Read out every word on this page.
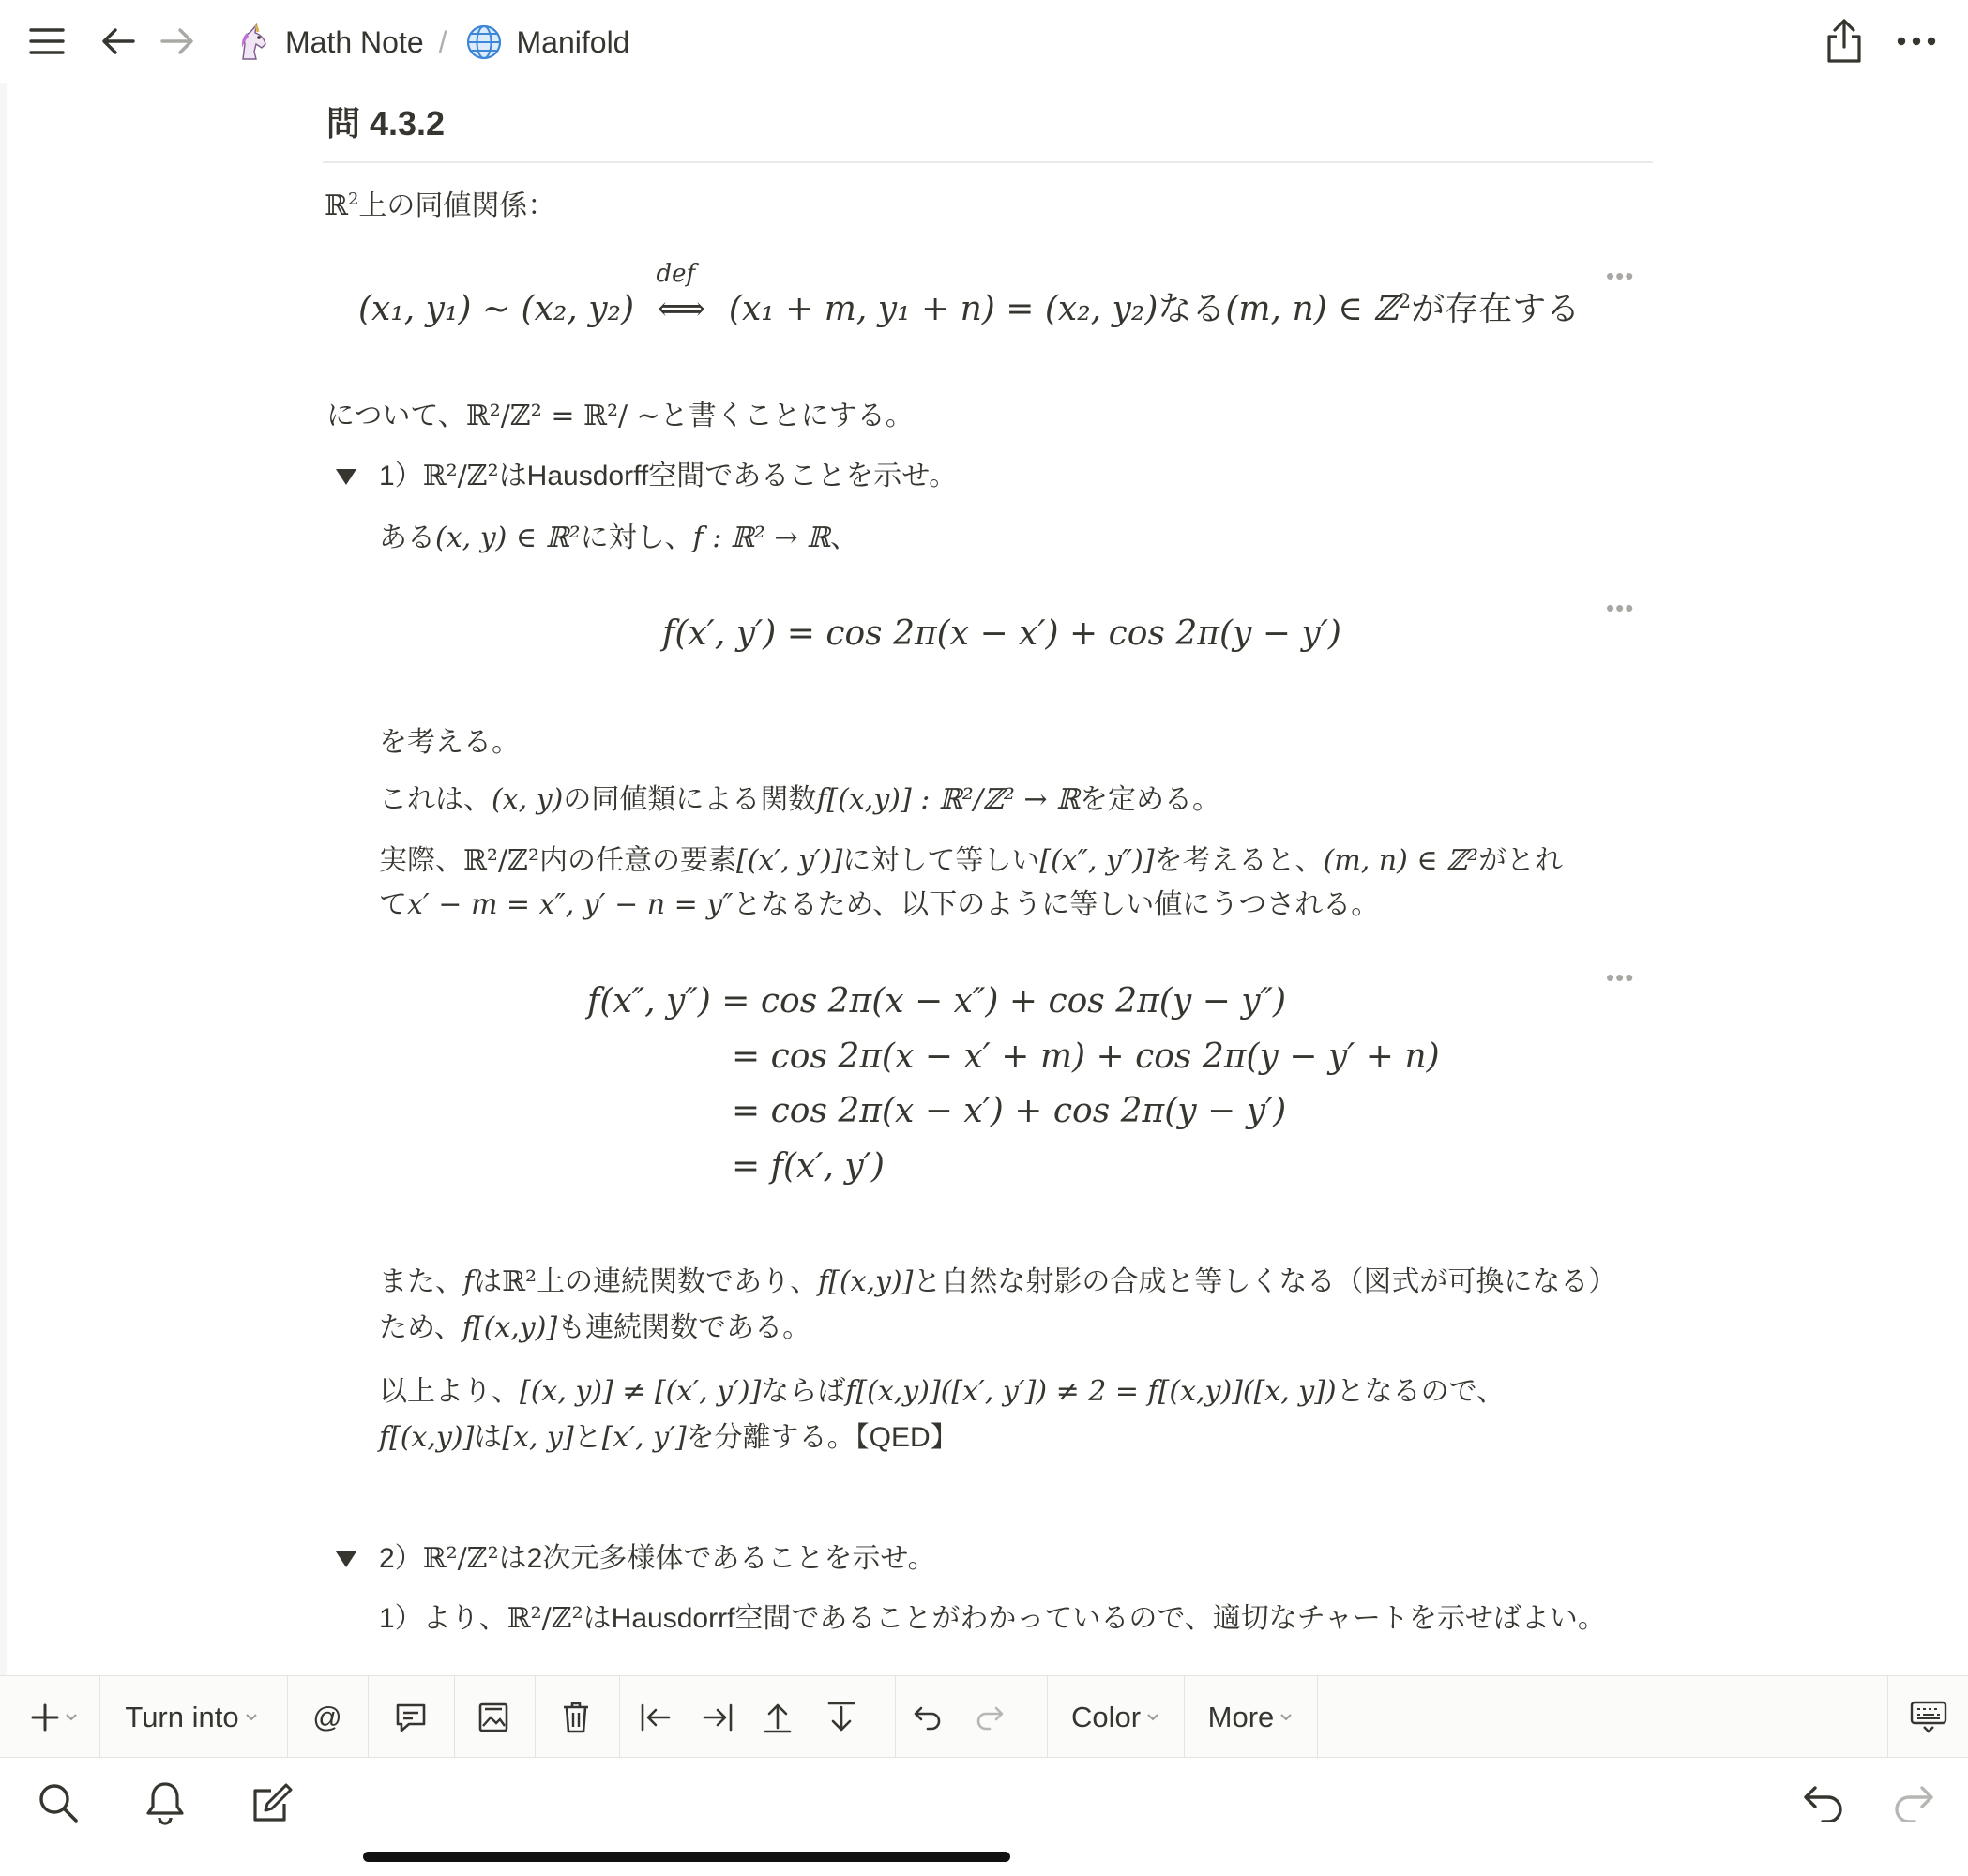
Math Note / Manifold
問 4.3.2
ℝ$^2$上の同値関係：
•••
(x₁, y₁) ~ (x₂, y₂)
def
⟺ (x₁ + m, y₁ + n) = (x₂, y₂)なる(m, n) ∈ ℤ$^2$が存在する
について、ℝ²/ℤ² = ℝ²/ ~と書くことにする。
1）ℝ²/ℤ²はHausdorff空間であることを示せ。
ある(x, y) ∈ ℝ²に対し、f : ℝ² → ℝ、
•••
f(x′, y′) = cos 2π(x − x′) + cos 2π(y − y′)
を考える。
これは、(x, y)の同値類による関数f[(x,y)] : ℝ²/ℤ² → ℝを定める。
実際、ℝ²/ℤ²内の任意の要素[(x′, y′)]に対して等しい[(x″, y″)]を考えると、(m, n) ∈ ℤ²がとれ
てx′ − m = x″, y′ − n = y″となるため、以下のように等しい値にうつされる。
•••
f(x″, y″) = cos 2π(x − x″) + cos 2π(y − y″)
= cos 2π(x − x′ + m) + cos 2π(y − y′ + n)
= cos 2π(x − x′) + cos 2π(y − y′)
= f(x′, y′)
また、fはℝ²上の連続関数であり、f[(x,y)]と自然な射影の合成と等しくなる（図式が可換になる）
ため、f[(x,y)]も連続関数である。
以上より、[(x, y)] ≠ [(x′, y′)]ならばf[(x,y)]([x′, y′]) ≠ 2 = f[(x,y)]([x, y])となるので、
f[(x,y)]は[x, y]と[x′, y′]を分離する。【QED】
2）ℝ²/ℤ²は2次元多様体であることを示せ。
1）より、ℝ²/ℤ²はHausdorrf空間であることがわかっているので、適切なチャートを示せばよい。
Turn into	@	Color More
